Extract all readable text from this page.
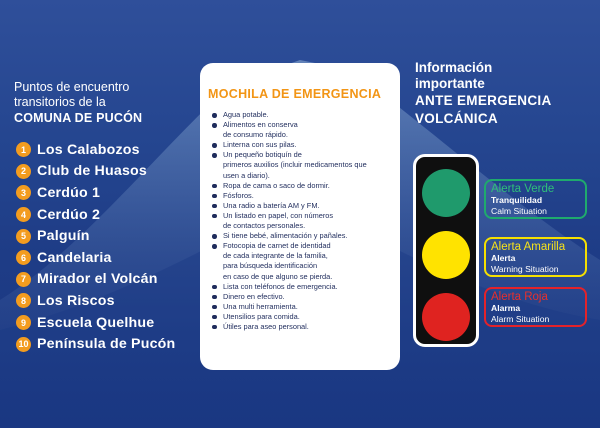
Puntos de encuentro
transitorios de la
COMUNA DE PUCÓN
1 Los Calabozos
2 Club de Huasos
3 Cerdúo 1
4 Cerdúo 2
5 Palguín
6 Candelaria
7 Mirador el Volcán
8 Los Riscos
9 Escuela Quelhue
10 Península de Pucón
MOCHILA DE EMERGENCIA
Agua potable.
Alimentos en conserva
de consumo rápido.
Linterna con sus pilas.
Un pequeño botiquín de
primeros auxilios (incluir medicamentos que
usen a diario).
Ropa de cama o saco de dormir.
Fósforos.
Una radio a batería AM y FM.
Un listado en papel, con números
de contactos personales.
Si tiene bebé, alimentación y pañales.
Fotocopia de carnet de identidad
de cada integrante de la familia,
para búsqueda identificación
en caso de que alguno se pierda.
Lista con teléfonos de emergencia.
Dinero en efectivo.
Una multi herramienta.
Utensilios para comida.
Útiles para aseo personal.
Información
importante
ANTE EMERGENCIA
VOLCÁNICA
Alerta Verde
Tranquilidad
Calm Situation
Alerta Amarilla
Alerta
Warning Situation
Alerta Roja
Alarma
Alarm Situation
